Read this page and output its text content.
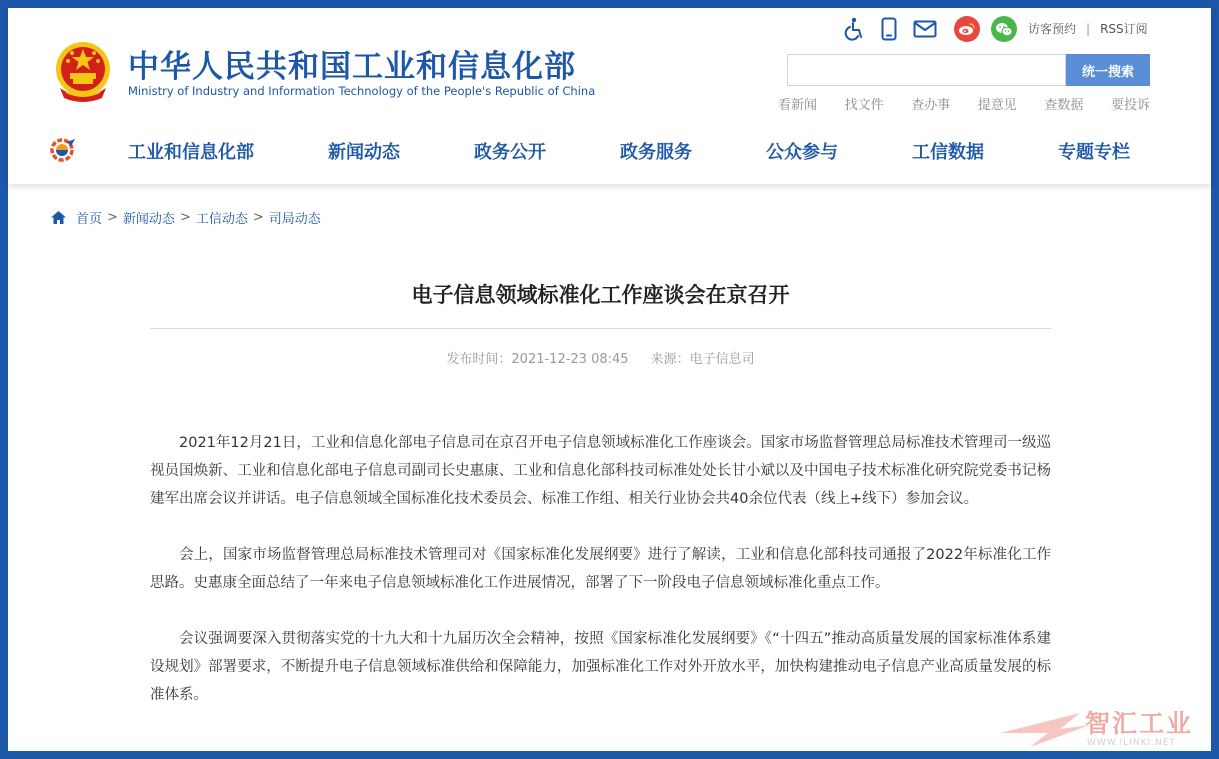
中华人民共和国工业和信息化部
Ministry of Industry and Information Technology of the People's Republic of China
访客预约 | RSS订阅
统一搜索
看新闻 找文件 查办事 提意见 查数据 要投诉
工业和信息化部	新闻动态	政务公开	政务服务	公众参与	工信数据	专题专栏
首页 > 新闻动态 > 工信动态 > 司局动态
电子信息领域标准化工作座谈会在京召开
发布时间：2021-12-23 08:45 来源：电子信息司

2021年12月21日，工业和信息化部电子信息司在京召开电子信息领域标准化工作座谈会。国家市场监督管理总局标准技术管理司一级巡视员国焕新、工业和信息化部电子信息司副司长史惠康、工业和信息化部科技司标准处处长甘小斌以及中国电子技术标准化研究院党委书记杨建军出席会议并讲话。电子信息领域全国标准化技术委员会、标准工作组、相关行业协会共40余位代表（线上+线下）参加会议。

会上，国家市场监督管理总局标准技术管理司对《国家标准化发展纲要》进行了解读，工业和信息化部科技司通报了2022年标准化工作思路。史惠康全面总结了一年来电子信息领域标准化工作进展情况，部署了下一阶段电子信息领域标准化重点工作。

会议强调要深入贯彻落实党的十九大和十九届历次全会精神，按照《国家标准化发展纲要》《“十四五”推动高质量发展的国家标准体系建设规划》部署要求，不断提升电子信息领域标准供给和保障能力，加强标准化工作对外开放水平，加快构建推动电子信息产业高质量发展的标准体系。

智汇工业
WWW.ILINKI.NET
